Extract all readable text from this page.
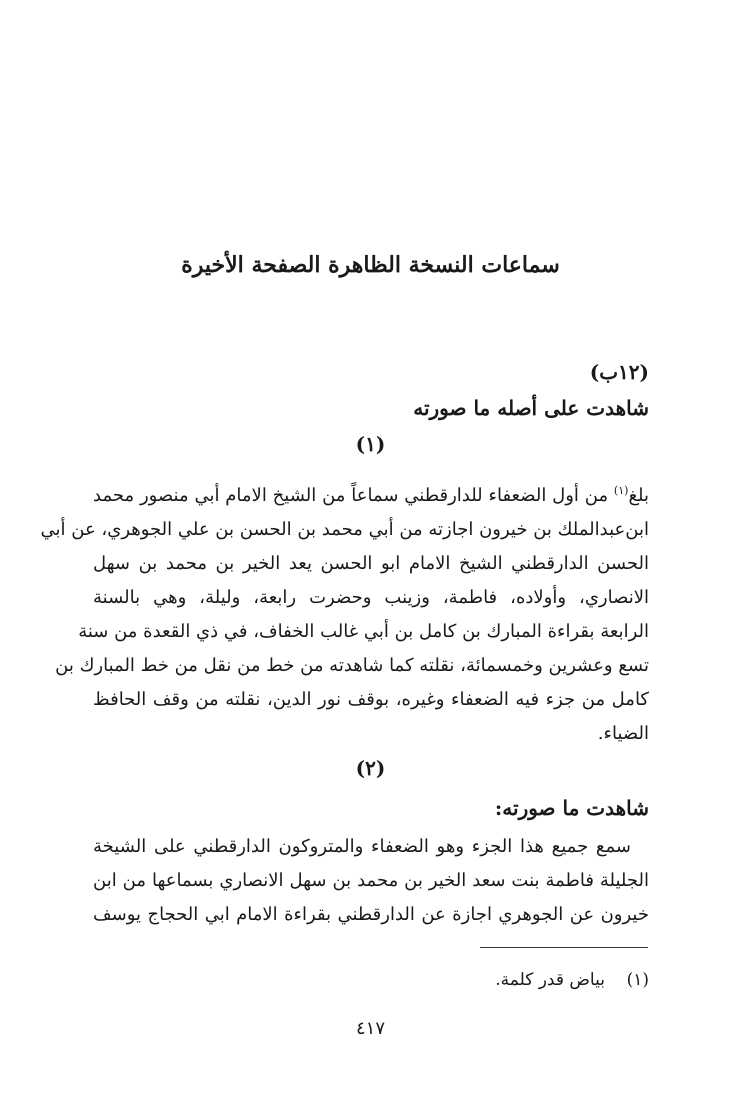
سماعات النسخة الظاهرة الصفحة الأخيرة
(١٢ب)
شاهدت على أصله ما صورته
(١)
بلغ$^{(١)}$ من أول الضعفاء للدارقطني سماعاً من الشيخ الامام أبي منصور محمد
ابن‌عبدالملك بن خيرون اجازته من أبي محمد بن الحسن بن علي الجوهري، عن أبي
الحسن الدارقطني الشيخ الامام ابو الحسن يعد الخير بن محمد بن سهل
الانصاري، وأولاده، فاطمة، وزينب وحضرت رابعة، وليلة، وهي بالسنة
الرابعة بقراءة المبارك بن كامل بن أبي غالب الخفاف، في ذي القعدة من سنة
تسع وعشرين وخمسمائة، نقلته كما شاهدته من خط من نقل من خط المبارك بن
كامل من جزء فيه الضعفاء وغيره، بوقف نور الدين، نقلته من وقف الحافظ
الضياء.
(٢)
شاهدت ما صورته:
سمع جميع هذا الجزء وهو الضعفاء والمتروكون الدارقطني على الشيخة
الجليلة فاطمة بنت سعد الخير بن محمد بن سهل الانصاري بسماعها من ابن
خيرون عن الجوهري اجازة عن الدارقطني بقراءة الامام ابي الحجاج يوسف
(١)    بياض قدر كلمة.
٤١٧
